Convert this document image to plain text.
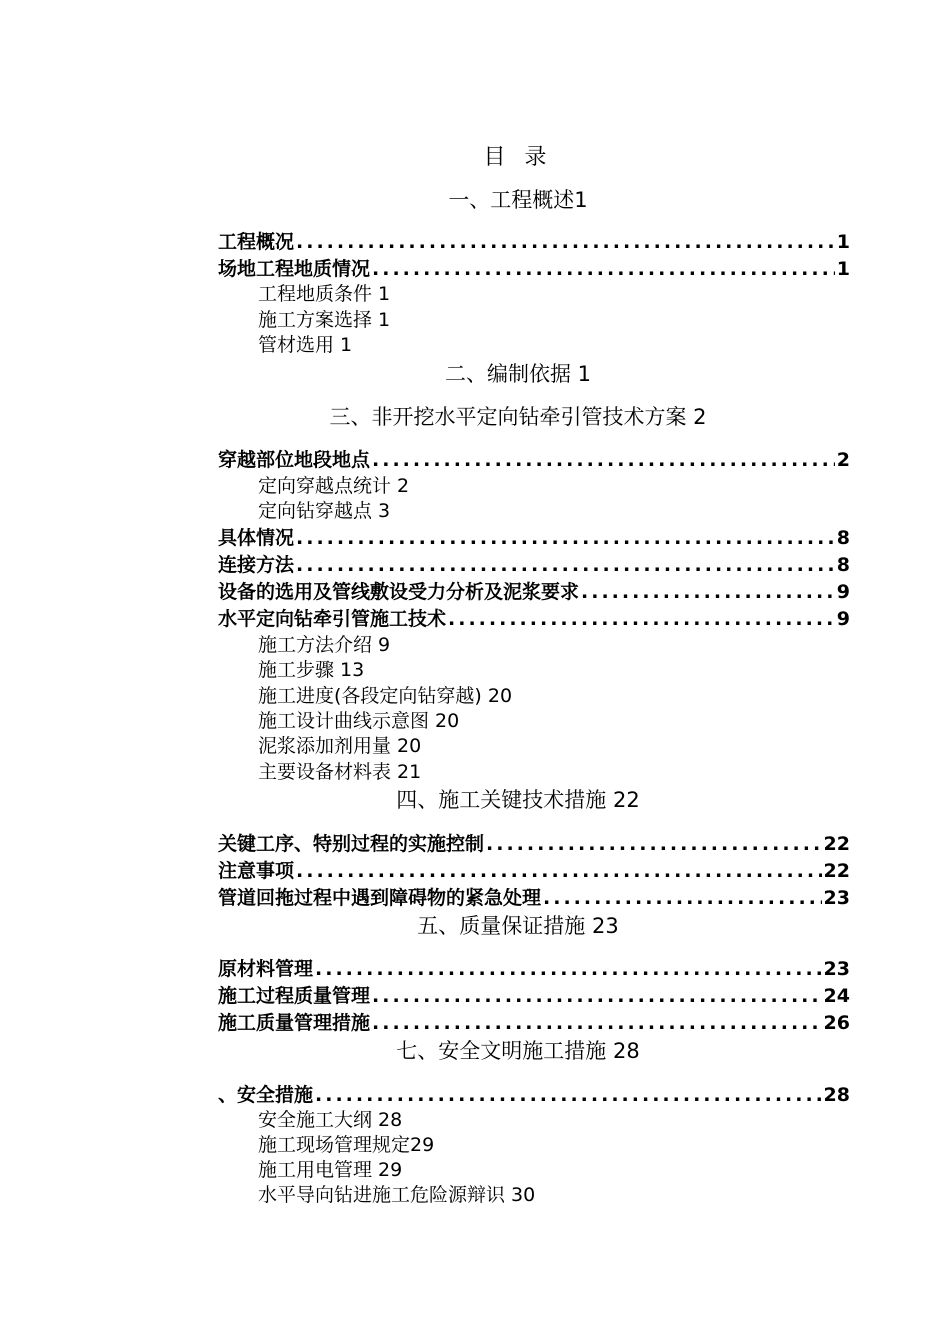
目 录
一、工程概述1
工程概况 .....	1
场地工程地质情况 .....	1
工程地质条件 1
施工方案选择 1
管材选用 1
二、编制依据 1
三、非开挖水平定向钻牵引管技术方案 2
穿越部位地段地点 .....	2
定向穿越点统计 2
定向钻穿越点 3
具体情况 .....	8
连接方法 .....	8
设备的选用及管线敷设受力分析及泥浆要求 .....	9
水平定向钻牵引管施工技术 .....	9
施工方法介绍 9
施工步骤 13
施工进度(各段定向钻穿越) 20
施工设计曲线示意图 20
泥浆添加剂用量 20
主要设备材料表 21
四、施工关键技术措施 22
关键工序、特别过程的实施控制 .....	22
注意事项 .....	22
管道回拖过程中遇到障碍物的紧急处理 .....	23
五、质量保证措施 23
原材料管理 .....	23
施工过程质量管理 .....	24
施工质量管理措施 .....	26
七、安全文明施工措施 28
、安全措施 .....	28
安全施工大纲 28
施工现场管理规定29
施工用电管理 29
水平导向钻进施工危险源辩识 30
